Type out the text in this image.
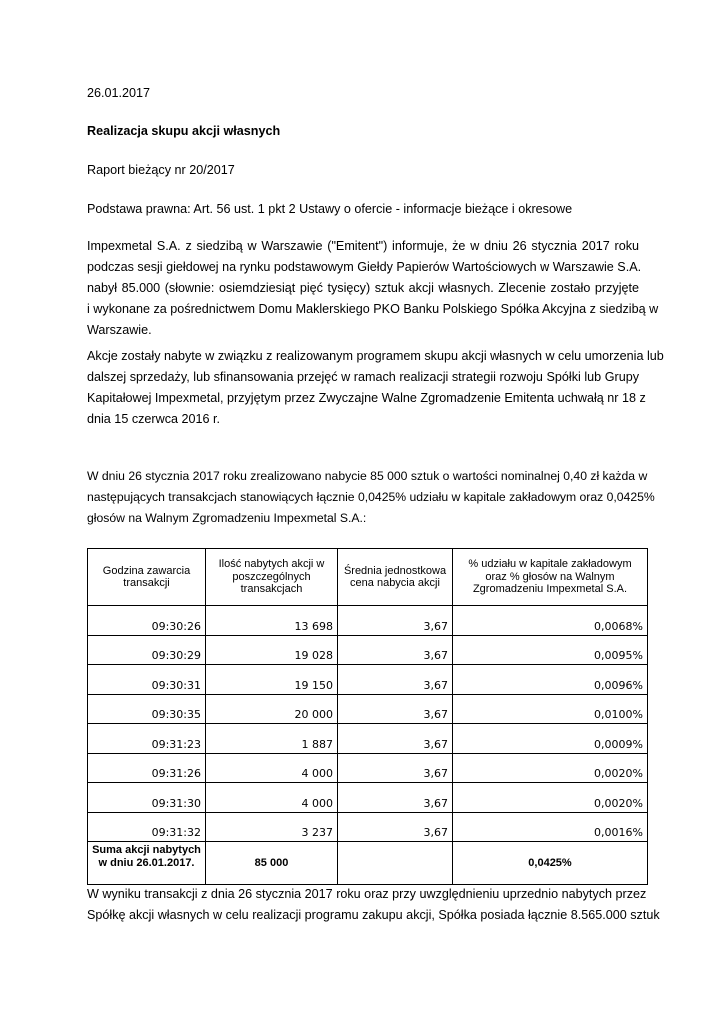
26.01.2017
Realizacja skupu akcji własnych
Raport bieżący nr 20/2017
Podstawa prawna: Art. 56 ust. 1 pkt 2 Ustawy o ofercie - informacje bieżące i okresowe
Impexmetal S.A. z siedzibą w Warszawie ("Emitent") informuje, że w dniu 26 stycznia 2017 roku
podczas sesji giełdowej na rynku podstawowym Giełdy Papierów Wartościowych w Warszawie S.A.
nabył 85.000 (słownie: osiemdziesiąt pięć tysięcy) sztuk akcji własnych. Zlecenie zostało przyjęte
i wykonane za pośrednictwem Domu Maklerskiego PKO Banku Polskiego Spółka Akcyjna z siedzibą w
Warszawie.
Akcje zostały nabyte w związku z realizowanym programem skupu akcji własnych w celu umorzenia lub
dalszej sprzedaży, lub sfinansowania przejęć w ramach realizacji strategii rozwoju Spółki lub Grupy
Kapitałowej Impexmetal, przyjętym przez Zwyczajne Walne Zgromadzenie Emitenta uchwałą nr 18 z
dnia 15 czerwca 2016 r.
W dniu 26 stycznia 2017 roku zrealizowano nabycie 85 000 sztuk o wartości nominalnej 0,40 zł każda w
następujących transakcjach stanowiących łącznie 0,0425% udziału w kapitale zakładowym oraz 0,0425%
głosów na Walnym Zgromadzeniu Impexmetal S.A.:
Godzina zawarcia transakcji	Ilość nabytych akcji w poszczególnych transakcjach	Średnia jednostkowa cena nabycia akcji	% udziału w kapitale zakładowym oraz % głosów na Walnym Zgromadzeniu Impexmetal S.A.
09:30:26	13 698	3,67	0,0068%
09:30:29	19 028	3,67	0,0095%
09:30:31	19 150	3,67	0,0096%
09:30:35	20 000	3,67	0,0100%
09:31:23	1 887	3,67	0,0009%
09:31:26	4 000	3,67	0,0020%
09:31:30	4 000	3,67	0,0020%
09:31:32	3 237	3,67	0,0016%
Suma akcji nabytych w dniu 26.01.2017.	85 000		0,0425%
W wyniku transakcji z dnia 26 stycznia 2017 roku oraz przy uwzględnieniu uprzednio nabytych przez
Spółkę akcji własnych w celu realizacji programu zakupu akcji, Spółka posiada łącznie 8.565.000 sztuk
